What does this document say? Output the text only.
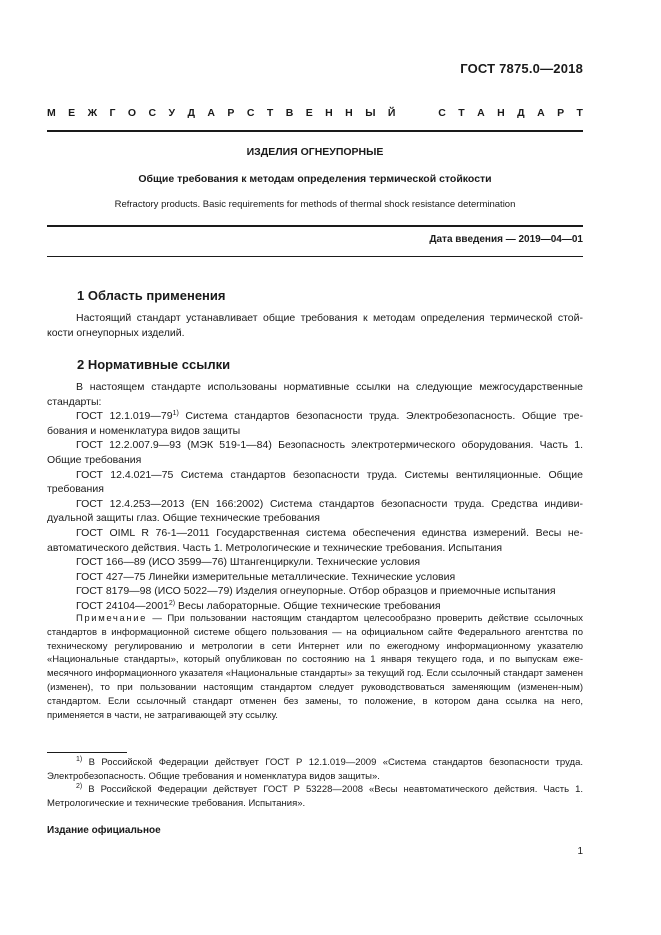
ГОСТ 7875.0—2018
М Е Ж Г О С У Д А Р С Т В Е Н Н Ы Й	С Т А Н Д А Р Т
ИЗДЕЛИЯ ОГНЕУПОРНЫЕ
Общие требования к методам определения термической стойкости
Refractory products. Basic requirements for methods of thermal shock resistance determination
Дата введения — 2019—04—01
1 Область применения

Настоящий стандарт устанавливает общие требования к методам определения термической стой-кости огнеупорных изделий.

2 Нормативные ссылки

В настоящем стандарте использованы нормативные ссылки на следующие межгосударственные стандарты:

ГОСТ 12.1.019—79$^{1)}$ Система стандартов безопасности труда. Электробезопасность. Общие тре-бования и номенклатура видов защиты

ГОСТ 12.2.007.9—93 (МЭК 519-1—84) Безопасность электротермического оборудования. Часть 1. Общие требования

ГОСТ 12.4.021—75 Система стандартов безопасности труда. Системы вентиляционные. Общие требования

ГОСТ 12.4.253—2013 (EN 166:2002) Система стандартов безопасности труда. Средства индиви-дуальной защиты глаз. Общие технические требования

ГОСТ OIML R 76-1—2011 Государственная система обеспечения единства измерений. Весы не-автоматического действия. Часть 1. Метрологические и технические требования. Испытания

ГОСТ 166—89 (ИСО 3599—76) Штангенциркули. Технические условия

ГОСТ 427—75 Линейки измерительные металлические. Технические условия

ГОСТ 8179—98 (ИСО 5022—79) Изделия огнеупорные. Отбор образцов и приемочные испытания

ГОСТ 24104—2001$^{2)}$ Весы лабораторные. Общие технические требования

Примечание — При пользовании настоящим стандартом целесообразно проверить действие ссылочных стандартов в информационной системе общего пользования — на официальном сайте Федерального агентства по техническому регулированию и метрологии в сети Интернет или по ежегодному информационному указателю «Национальные стандарты», который опубликован по состоянию на 1 января текущего года, и по выпускам еже-месячного информационного указателя «Национальные стандарты» за текущий год. Если ссылочный стандарт заменен (изменен), то при пользовании настоящим стандартом следует руководствоваться заменяющим (изменен-ным) стандартом. Если ссылочный стандарт отменен без замены, то положение, в котором дана ссылка на него, применяется в части, не затрагивающей эту ссылку.

$^{1)}$ В Российской Федерации действует ГОСТ Р 12.1.019—2009 «Система стандартов безопасности труда. Электробезопасность. Общие требования и номенклатура видов защиты».

$^{2)}$ В Российской Федерации действует ГОСТ Р 53228—2008 «Весы неавтоматического действия. Часть 1. Метрологические и технические требования. Испытания».

Издание официальное
1
